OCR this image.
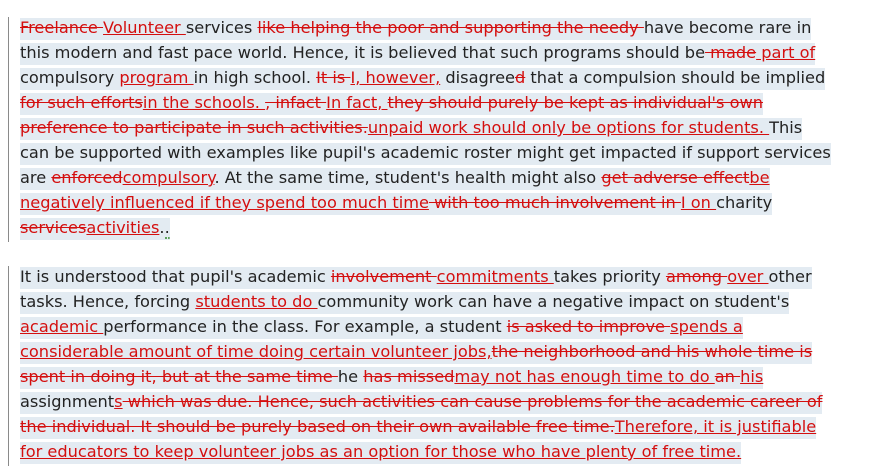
Freelance Volunteer services like helping the poor and supporting the needy have become rare in
this modern and fast pace world. Hence, it is believed that such programs should be made part of
compulsory program in high school. It is I, however, disagreed that a compulsion should be implied
for such effortsin the schools. , infact In fact, they should purely be kept as individual's own
preference to participate in such activities.unpaid work should only be options for students. This
can be supported with examples like pupil's academic roster might get impacted if support services
are enforcedcompulsory. At the same time, student's health might also get adverse effectbe
negatively influenced if they spend too much time with too much involvement in I on charity
servicesactivities..
It is understood that pupil's academic involvement commitments takes priority among over other
tasks. Hence, forcing students to do community work can have a negative impact on student's
academic performance in the class. For example, a student is asked to improve spends a
considerable amount of time doing certain volunteer jobs,the neighborhood and his whole time is
spent in doing it, but at the same time he has missedmay not has enough time to do an his
assignments which was due. Hence, such activities can cause problems for the academic career of
the individual. It should be purely based on their own available free time.Therefore, it is justifiable
for educators to keep volunteer jobs as an option for those who have plenty of free time.
